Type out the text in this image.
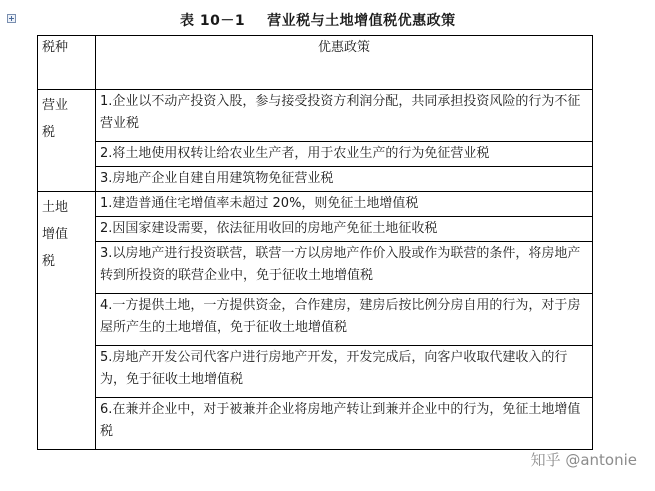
表 10－1 营业税与土地增值税优惠政策
税种	优惠政策

营业税	1.企业以不动产投资入股，参与接受投资方利润分配，共同承担投资风险的行为不征营业税
	2.将土地使用权转让给农业生产者，用于农业生产的行为免征营业税
	3.房地产企业自建自用建筑物免征营业税

土地增值税	1.建造普通住宅增值率未超过 20%，则免征土地增值税
	2.因国家建设需要，依法征用收回的房地产免征土地征收税
	3.以房地产进行投资联营，联营一方以房地产作价入股或作为联营的条件，将房地产转到所投资的联营企业中，免于征收土地增值税
	4.一方提供土地，一方提供资金，合作建房，建房后按比例分房自用的行为，对于房屋所产生的土地增值，免于征收土地增值税
	5.房地产开发公司代客户进行房地产开发，开发完成后，向客户收取代建收入的行为，免于征收土地增值税
	6.在兼并企业中，对于被兼并企业将房地产转让到兼并企业中的行为，免征土地增值税
知乎 @antonie
